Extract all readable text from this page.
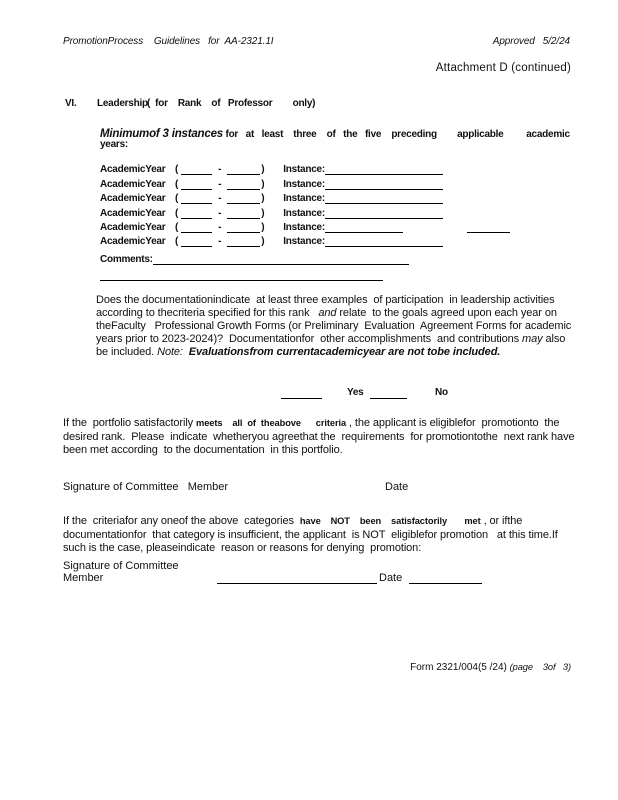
PromotionProcess    Guidelines   for  AA-2321.1I	Approved   5/2/24
Attachment D (continued)
VI. Leadership(  for    Rank    of   Professor        only)
Minimumof 3 instances for   at   least    three    of   the   five    preceding        applicable         academic
years:
AcademicYear (	-	) Instance:
AcademicYear (	-	) Instance:
AcademicYear (	-	) Instance:
AcademicYear (	-	) Instance:
AcademicYear (	-	) Instance:
AcademicYear (	-	) Instance:
Comments:
Does the documentationindicate  at least three examples  of participation  in leadership activities according to thecriteria specified for this rank   and relate  to the goals agreed upon each year on theFaculty   Professional Growth Forms (or Preliminary  Evaluation  Agreement Forms for academic  years prior to 2023-2024)?  Documentationfor  other accomplishments  and contributions may also  be included. Note:  Evaluationsfrom currentacademicyear are not tobe included.
Yes	No
If the  portfolio satisfactorily meets    all  of  theabove      criteria , the applicant is eligiblefor  promotionto  the desired rank.  Please  indicate  whetheryou agreethat the  requirements  for promotiontothe  next rank have been met according  to the documentation  in this portfolio.
Signature of Committee   Member	Date
If the  criteriafor any oneof the above  categories  have    NOT    been    satisfactorily       met , or ifthe documentationfor  that category is insufficient, the applicant  is NOT  eligiblefor promotion   at this time.If such is the case, pleaseindicate  reason or reasons for denying  promotion:
Signature of Committee   Member	Date
Form 2321/004(5 /24) (page    3of   3)
